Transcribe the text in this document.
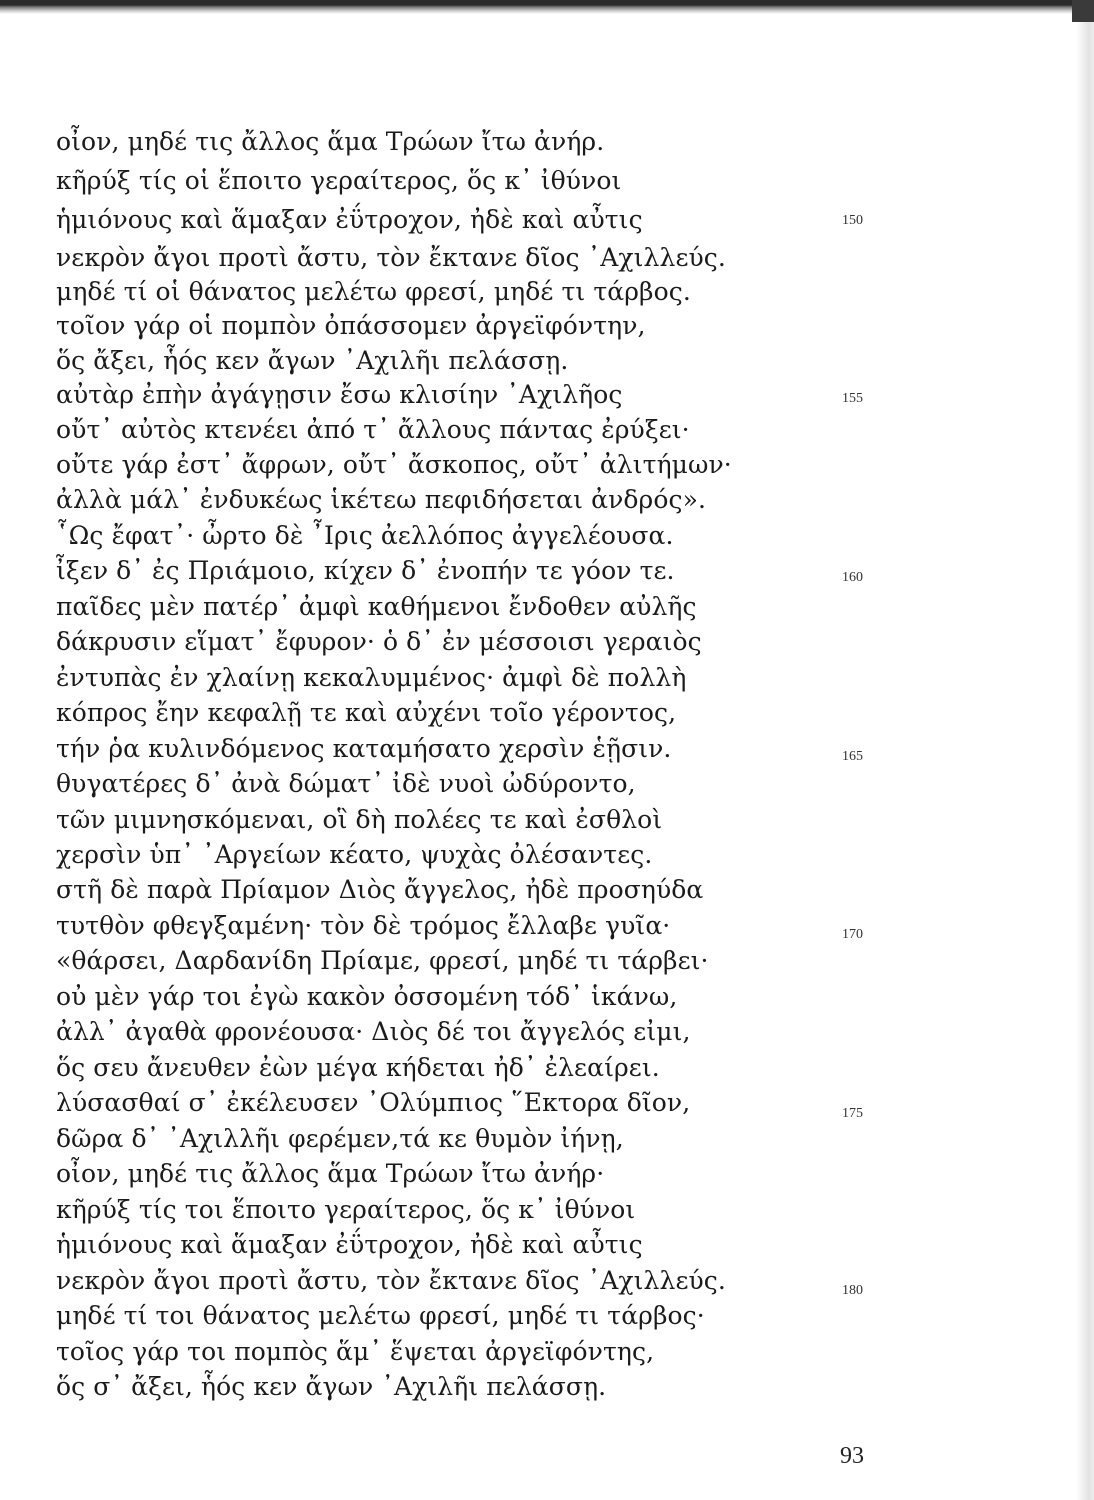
οἶον, μηδέ τις ἄλλος ἅμα Τρώων ἴτω ἀνήρ.
κῆρύξ τίς οἱ ἕποιτο γεραίτερος, ὅς κ᾿ ἰθύνοι
ἡμιόνους καὶ ἅμαξαν ἐΰτροχον, ἠδὲ καὶ αὖτις
νεκρὸν ἄγοι προτὶ ἄστυ, τὸν ἔκτανε δῖος ᾿Αχιλλεύς.
μηδέ τί οἱ θάνατος μελέτω φρεσί, μηδέ τι τάρβος.
τοῖον γάρ οἱ πομπὸν ὀπάσσομεν ἀργεϊφόντην,
ὅς ἄξει, ἧός κεν ἄγων ᾿Αχιλῆι πελάσσῃ.
αὐτὰρ ἐπὴν ἀγάγῃσιν ἔσω κλισίην ᾿Αχιλῆος
οὔτ᾿ αὐτὸς κτενέει ἀπό τ᾿ ἄλλους πάντας ἐρύξει·
οὔτε γάρ ἐστ᾿ ἄφρων, οὔτ᾿ ἄσκοπος, οὔτ᾿ ἀλιτήμων·
ἀλλὰ μάλ᾿ ἐνδυκέως ἱκέτεω πεφιδήσεται ἀνδρός».
῟Ως ἔφατ᾿· ὦρτο δὲ ῏Ιρις ἀελλόπος ἀγγελέουσα.
ἶξεν δ᾿ ἐς Πριάμοιο, κίχεν δ᾿ ἐνοπήν τε γόον τε.
παῖδες μὲν πατέρ᾿ ἀμφὶ καθήμενοι ἔνδοθεν αὐλῆς
δάκρυσιν εἵματ᾿ ἔφυρον· ὁ δ᾿ ἐν μέσσοισι γεραιὸς
ἐντυπὰς ἐν χλαίνῃ κεκαλυμμένος· ἀμφὶ δὲ πολλὴ
κόπρος ἔην κεφαλῇ τε καὶ αὐχένι τοῖο γέροντος,
τήν ῥα κυλινδόμενος καταμήσατο χερσὶν ἑῇσιν.
θυγατέρες δ᾿ ἀνὰ δώματ᾿ ἰδὲ νυοὶ ὠδύροντο,
τῶν μιμνησκόμεναι, οἳ δὴ πολέες τε καὶ ἐσθλοὶ
χερσὶν ὑπ᾿ ᾿Αργείων κέατο, ψυχὰς ὀλέσαντες.
στῆ δὲ παρὰ Πρίαμον Διὸς ἄγγελος, ἠδὲ προσηύδα
τυτθὸν φθεγξαμένη· τὸν δὲ τρόμος ἔλλαβε γυῖα·
«θάρσει, Δαρδανίδη Πρίαμε, φρεσί, μηδέ τι τάρβει·
οὐ μὲν γάρ τοι ἐγὼ κακὸν ὀσσομένη τόδ᾿ ἱκάνω,
ἀλλ᾿ ἀγαθὰ φρονέουσα· Διὸς δέ τοι ἄγγελός εἰμι,
ὅς σευ ἄνευθεν ἐὼν μέγα κήδεται ἠδ᾿ ἐλεαίρει.
λύσασθαί σ᾿ ἐκέλευσεν ᾿Ολύμπιος ῞Εκτορα δῖον,
δῶρα δ᾿ ᾿Αχιλλῆι φερέμεν,τά κε θυμὸν ἰήνῃ,
οἶον, μηδέ τις ἄλλος ἅμα Τρώων ἴτω ἀνήρ·
κῆρύξ τίς τοι ἕποιτο γεραίτερος, ὅς κ᾿ ἰθύνοι
ἡμιόνους καὶ ἅμαξαν ἐΰτροχον, ἠδὲ καὶ αὖτις
νεκρὸν ἄγοι προτὶ ἄστυ, τὸν ἔκτανε δῖος ᾿Αχιλλεύς.
μηδέ τί τοι θάνατος μελέτω φρεσί, μηδέ τι τάρβος·
τοῖος γάρ τοι πομπὸς ἅμ᾿ ἕψεται ἀργεϊφόντης,
ὅς σ᾿ ἄξει, ἧός κεν ἄγων ᾿Αχιλῆι πελάσσῃ.
150
155
160
165
170
175
180
93
